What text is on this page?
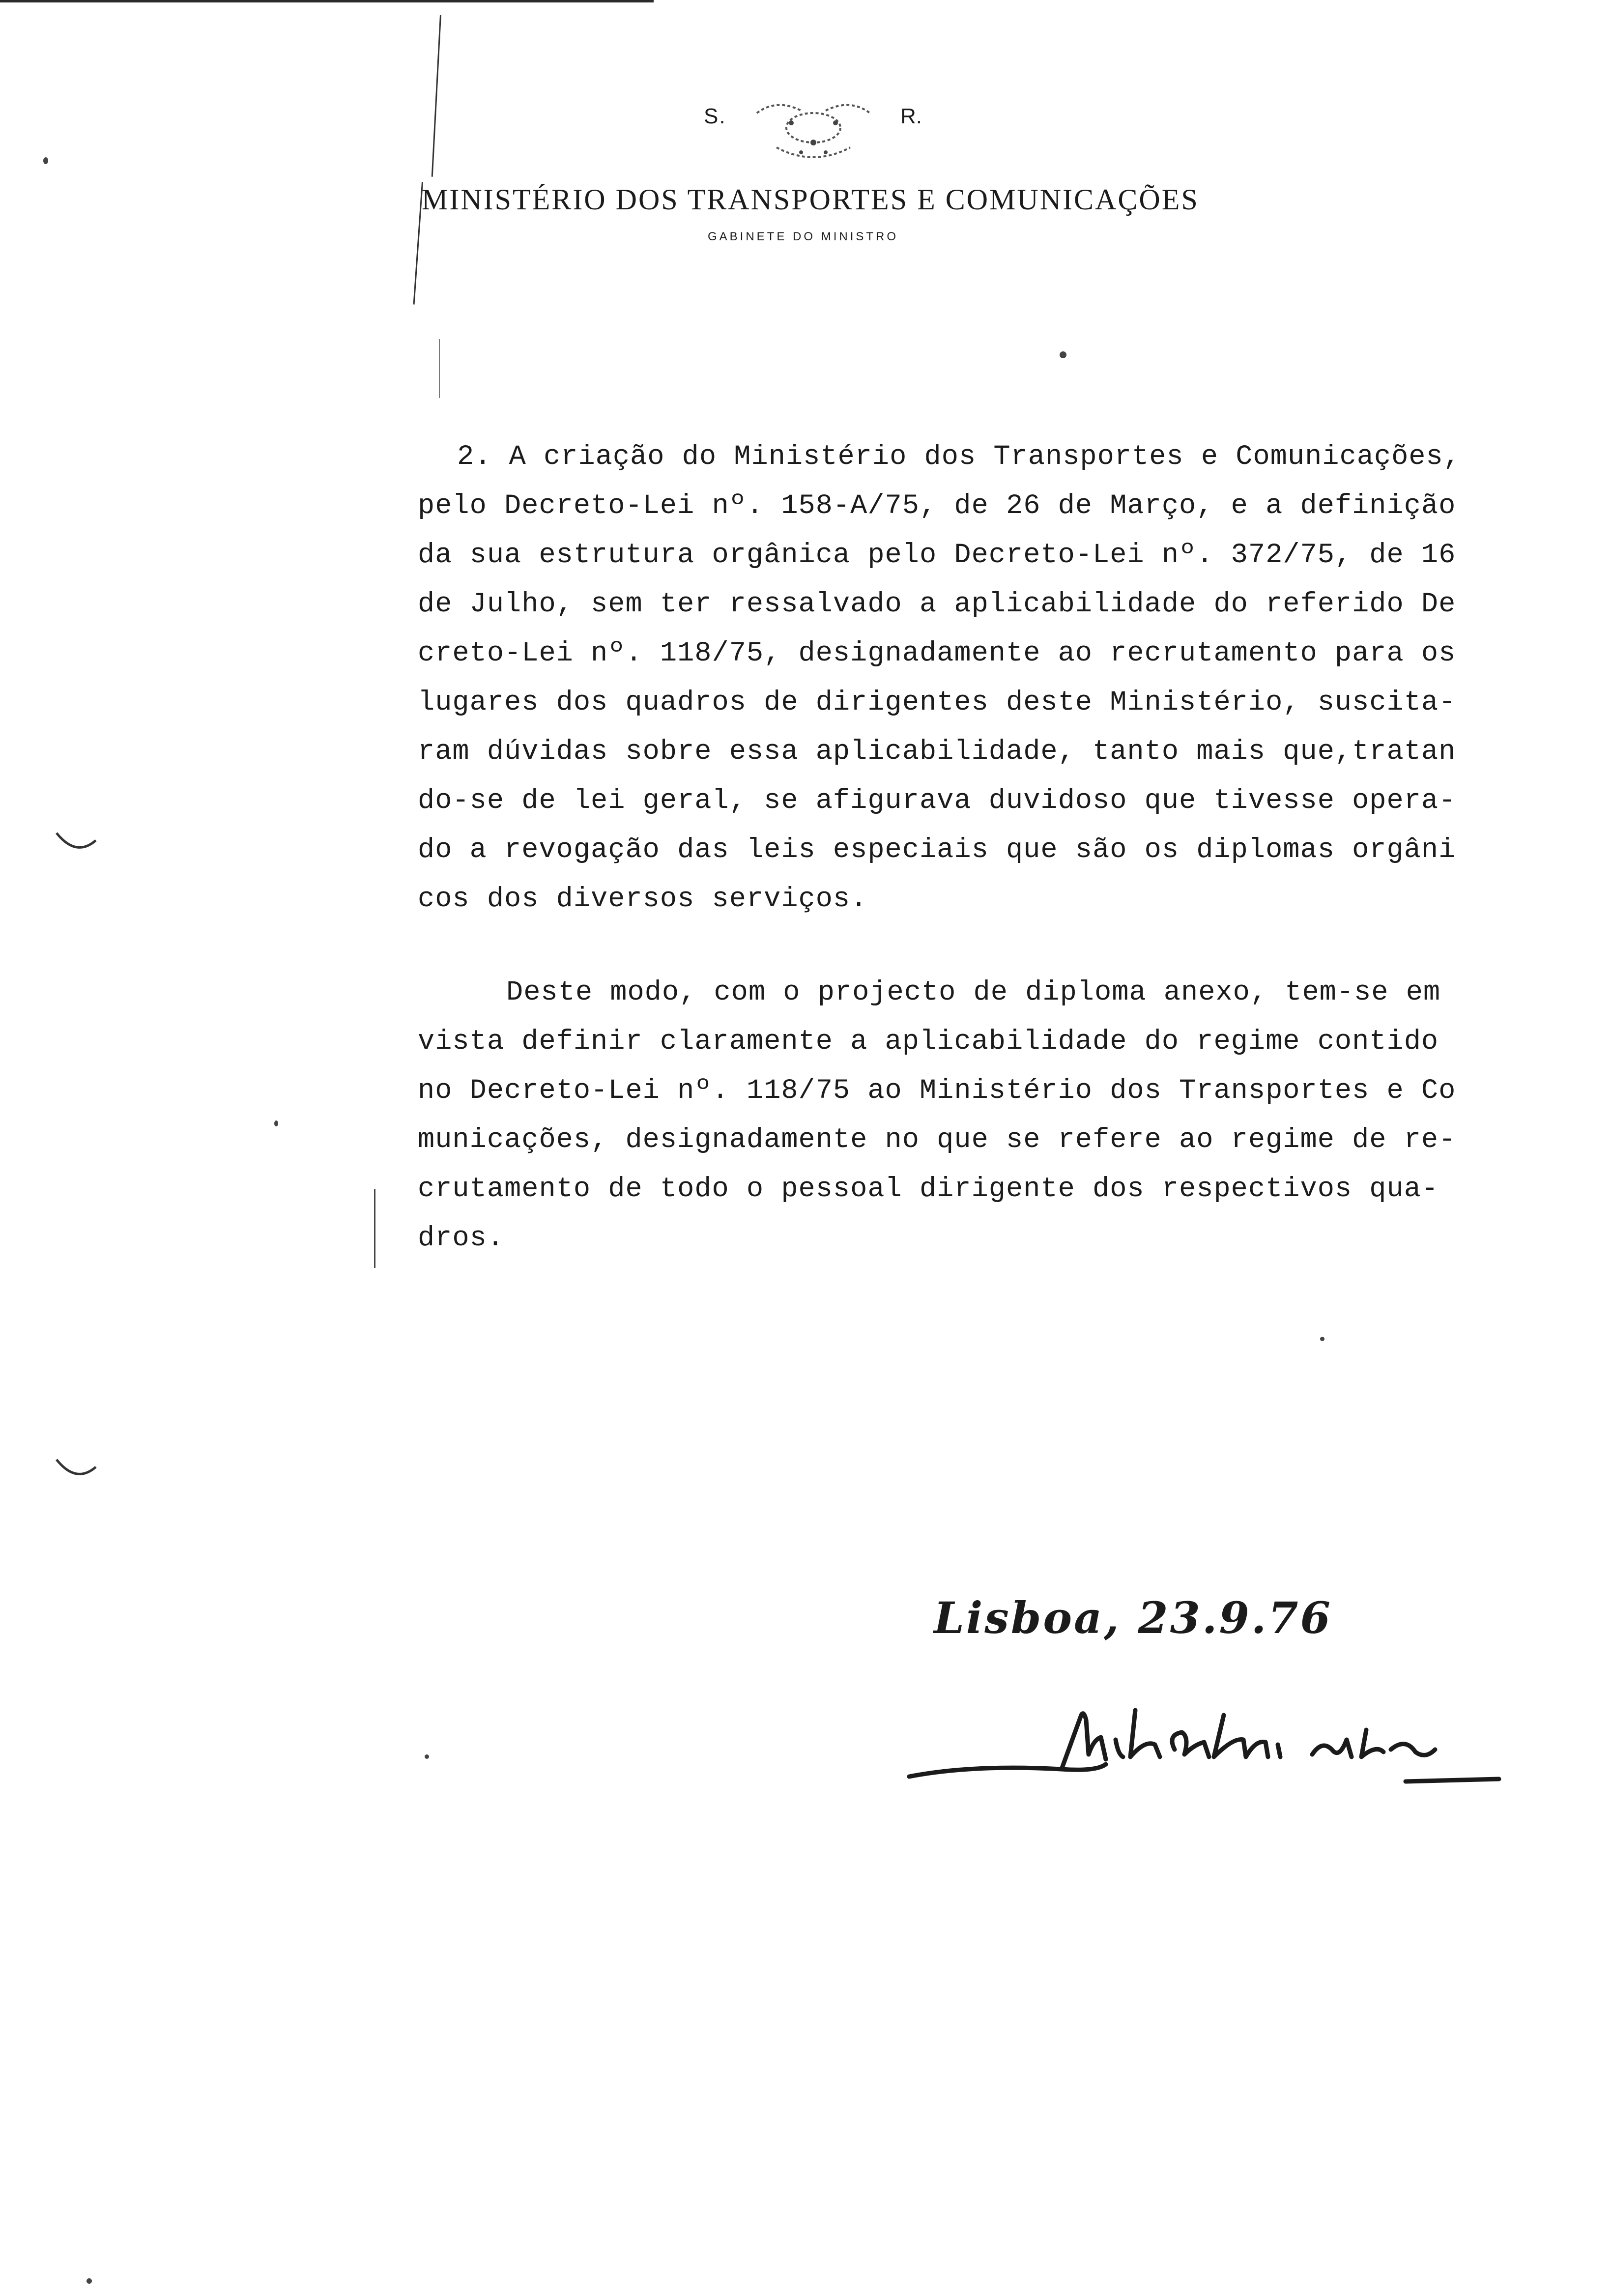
S.	R.
MINISTÉRIO DOS TRANSPORTES E COMUNICAÇÕES
GABINETE DO MINISTRO
2. A criação do Ministério dos Transportes e Comunicações,
pelo Decreto-Lei nº. 158-A/75, de 26 de Março, e a definição
da sua estrutura orgânica pelo Decreto-Lei nº. 372/75, de 16
de Julho, sem ter ressalvado a aplicabilidade do referido De
creto-Lei nº. 118/75, designadamente ao recrutamento para os
lugares dos quadros de dirigentes deste Ministério, suscita-
ram dúvidas sobre essa aplicabilidade, tanto mais que,tratan
do-se de lei geral, se afigurava duvidoso que tivesse opera-
do a revogação das leis especiais que são os diplomas orgâni
cos dos diversos serviços.
Deste modo, com o projecto de diploma anexo, tem-se em
vista definir claramente a aplicabilidade do regime contido
no Decreto-Lei nº. 118/75 ao Ministério dos Transportes e Co
municações, designadamente no que se refere ao regime de re-
crutamento de todo o pessoal dirigente dos respectivos qua-
dros.
Lisboa, 23.9.76
